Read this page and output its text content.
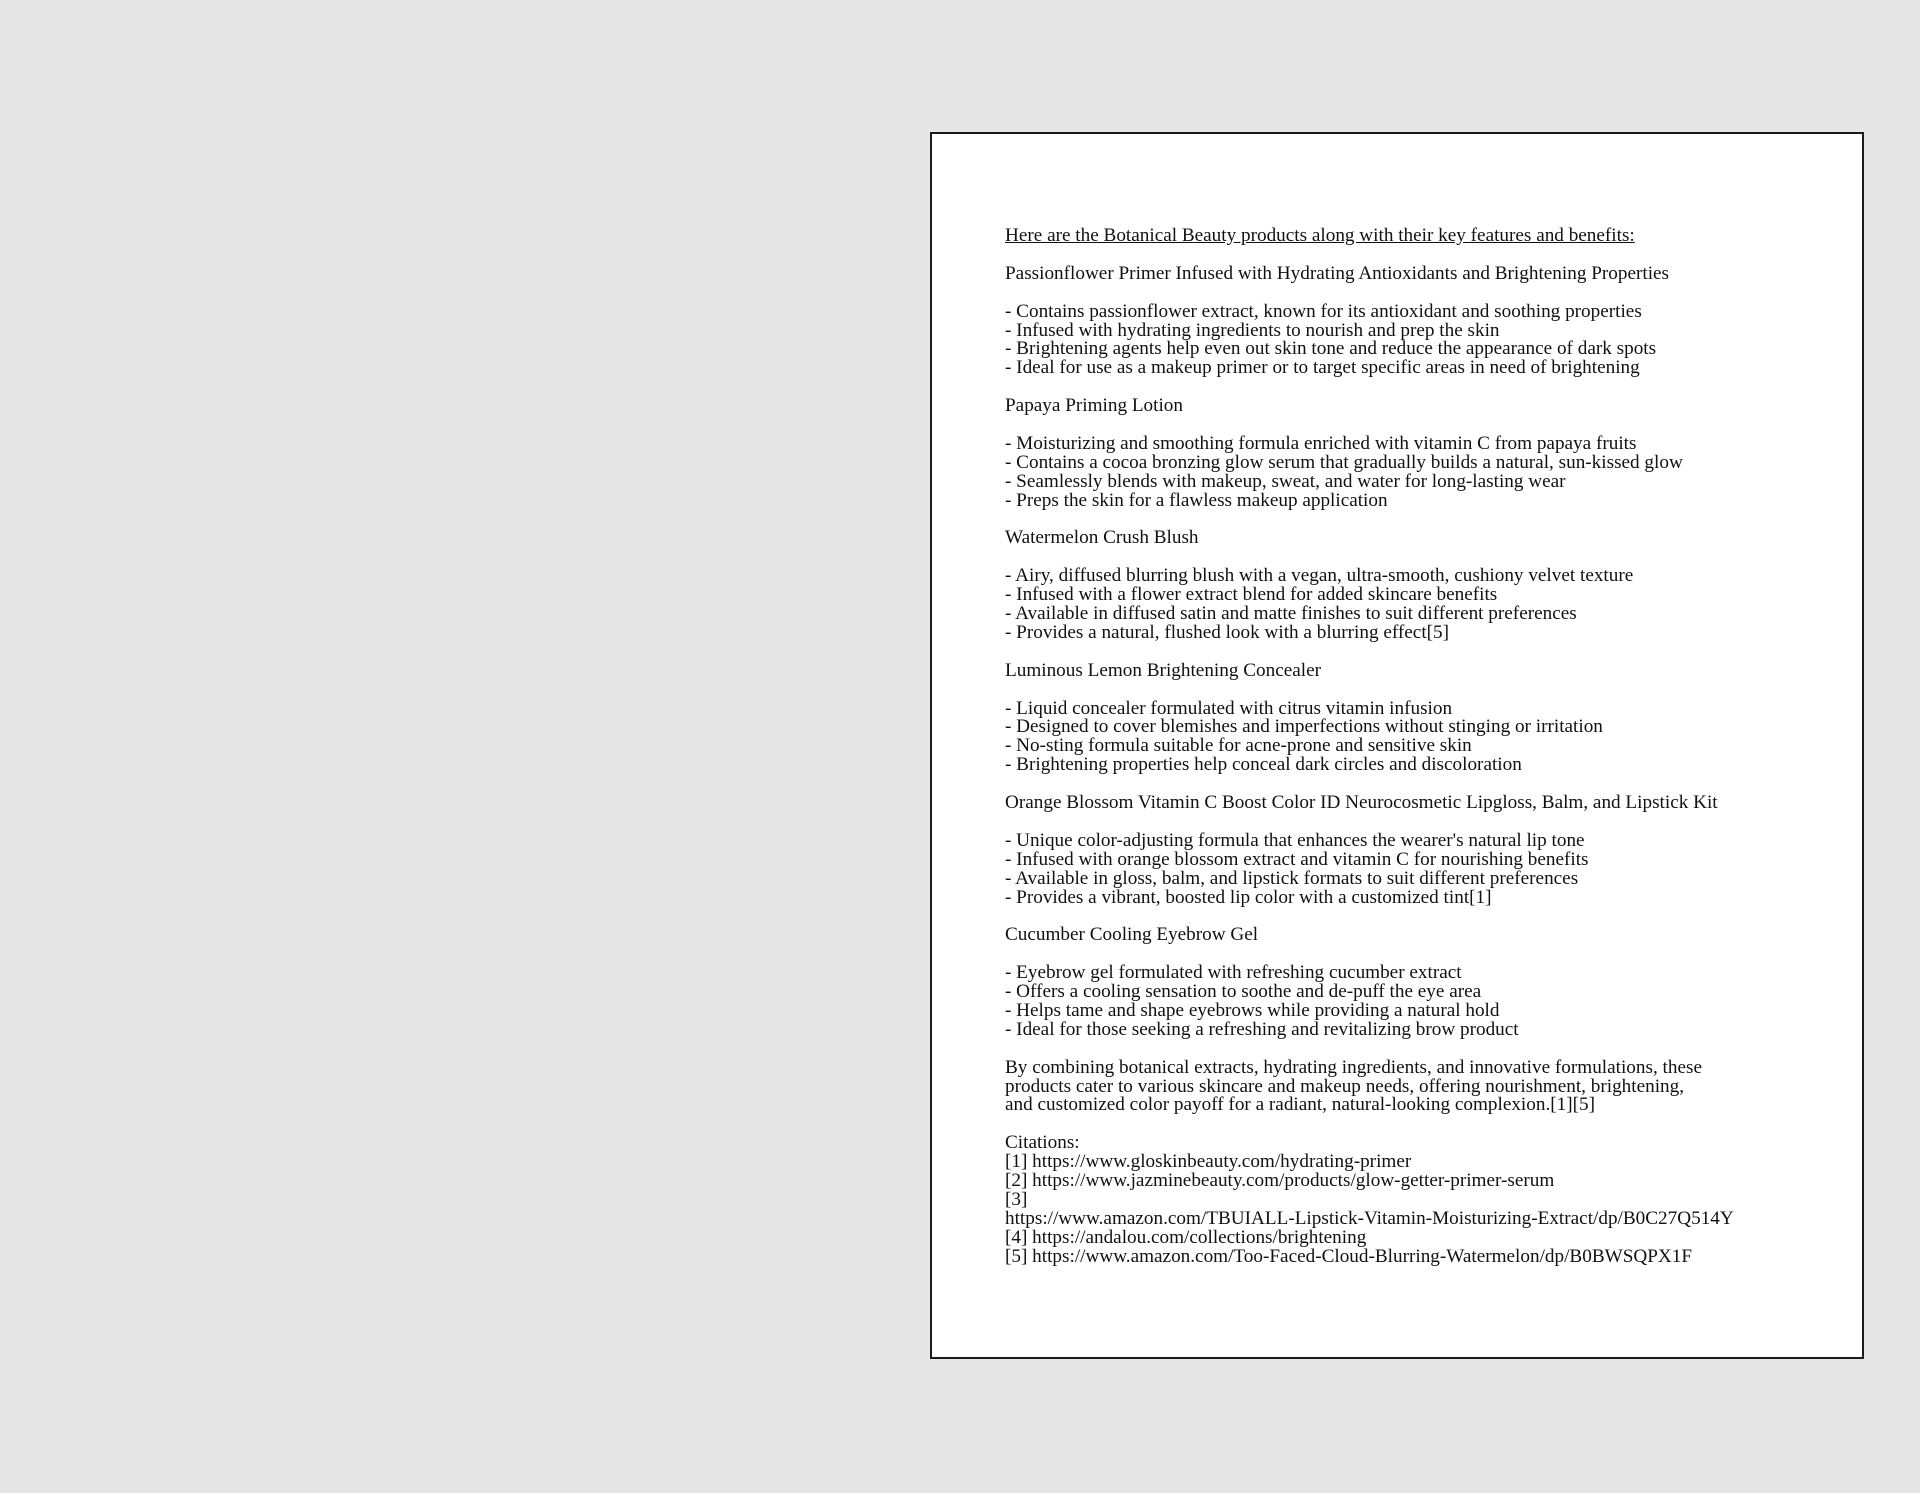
Here are the Botanical Beauty products along with their key features and benefits:
Passionflower Primer Infused with Hydrating Antioxidants and Brightening Properties
- Contains passionflower extract, known for its antioxidant and soothing properties
- Infused with hydrating ingredients to nourish and prep the skin
- Brightening agents help even out skin tone and reduce the appearance of dark spots
- Ideal for use as a makeup primer or to target specific areas in need of brightening
Papaya Priming Lotion
- Moisturizing and smoothing formula enriched with vitamin C from papaya fruits
- Contains a cocoa bronzing glow serum that gradually builds a natural, sun-kissed glow
- Seamlessly blends with makeup, sweat, and water for long-lasting wear
- Preps the skin for a flawless makeup application
Watermelon Crush Blush
- Airy, diffused blurring blush with a vegan, ultra-smooth, cushiony velvet texture
- Infused with a flower extract blend for added skincare benefits
- Available in diffused satin and matte finishes to suit different preferences
- Provides a natural, flushed look with a blurring effect[5]
Luminous Lemon Brightening Concealer
- Liquid concealer formulated with citrus vitamin infusion
- Designed to cover blemishes and imperfections without stinging or irritation
- No-sting formula suitable for acne-prone and sensitive skin
- Brightening properties help conceal dark circles and discoloration
Orange Blossom Vitamin C Boost Color ID Neurocosmetic Lipgloss, Balm, and Lipstick Kit
- Unique color-adjusting formula that enhances the wearer's natural lip tone
- Infused with orange blossom extract and vitamin C for nourishing benefits
- Available in gloss, balm, and lipstick formats to suit different preferences
- Provides a vibrant, boosted lip color with a customized tint[1]
Cucumber Cooling Eyebrow Gel
- Eyebrow gel formulated with refreshing cucumber extract
- Offers a cooling sensation to soothe and de-puff the eye area
- Helps tame and shape eyebrows while providing a natural hold
- Ideal for those seeking a refreshing and revitalizing brow product
By combining botanical extracts, hydrating ingredients, and innovative formulations, these
products cater to various skincare and makeup needs, offering nourishment, brightening,
and customized color payoff for a radiant, natural-looking complexion.[1][5]
Citations:
[1] https://www.gloskinbeauty.com/hydrating-primer
[2] https://www.jazminebeauty.com/products/glow-getter-primer-serum
[3]
https://www.amazon.com/TBUIALL-Lipstick-Vitamin-Moisturizing-Extract/dp/B0C27Q514Y
[4] https://andalou.com/collections/brightening
[5] https://www.amazon.com/Too-Faced-Cloud-Blurring-Watermelon/dp/B0BWSQPX1F
